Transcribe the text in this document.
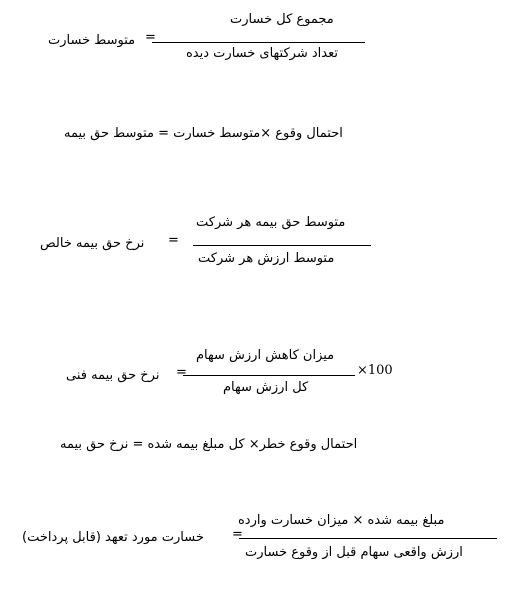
متوسط خسارت =
مجموع کل خسارت
تعداد شرکتهای خسارت دیده
احتمال وقوع ×متوسط خسارت = متوسط حق بیمه
نرخ حق بیمه خالص =
متوسط حق بیمه هر شرکت
متوسط ارزش هر شرکت
نرخ حق بیمه فنی =
میزان کاهش ارزش سهام
کل ارزش سهام
×100
احتمال وقوع خطر× کل مبلغ بیمه شده = نرخ حق بیمه
خسارت مورد تعهد (قابل پرداخت) =
مبلغ بیمه شده × میزان خسارت وارده
ارزش واقعی سهام قبل از وقوع خسارت
